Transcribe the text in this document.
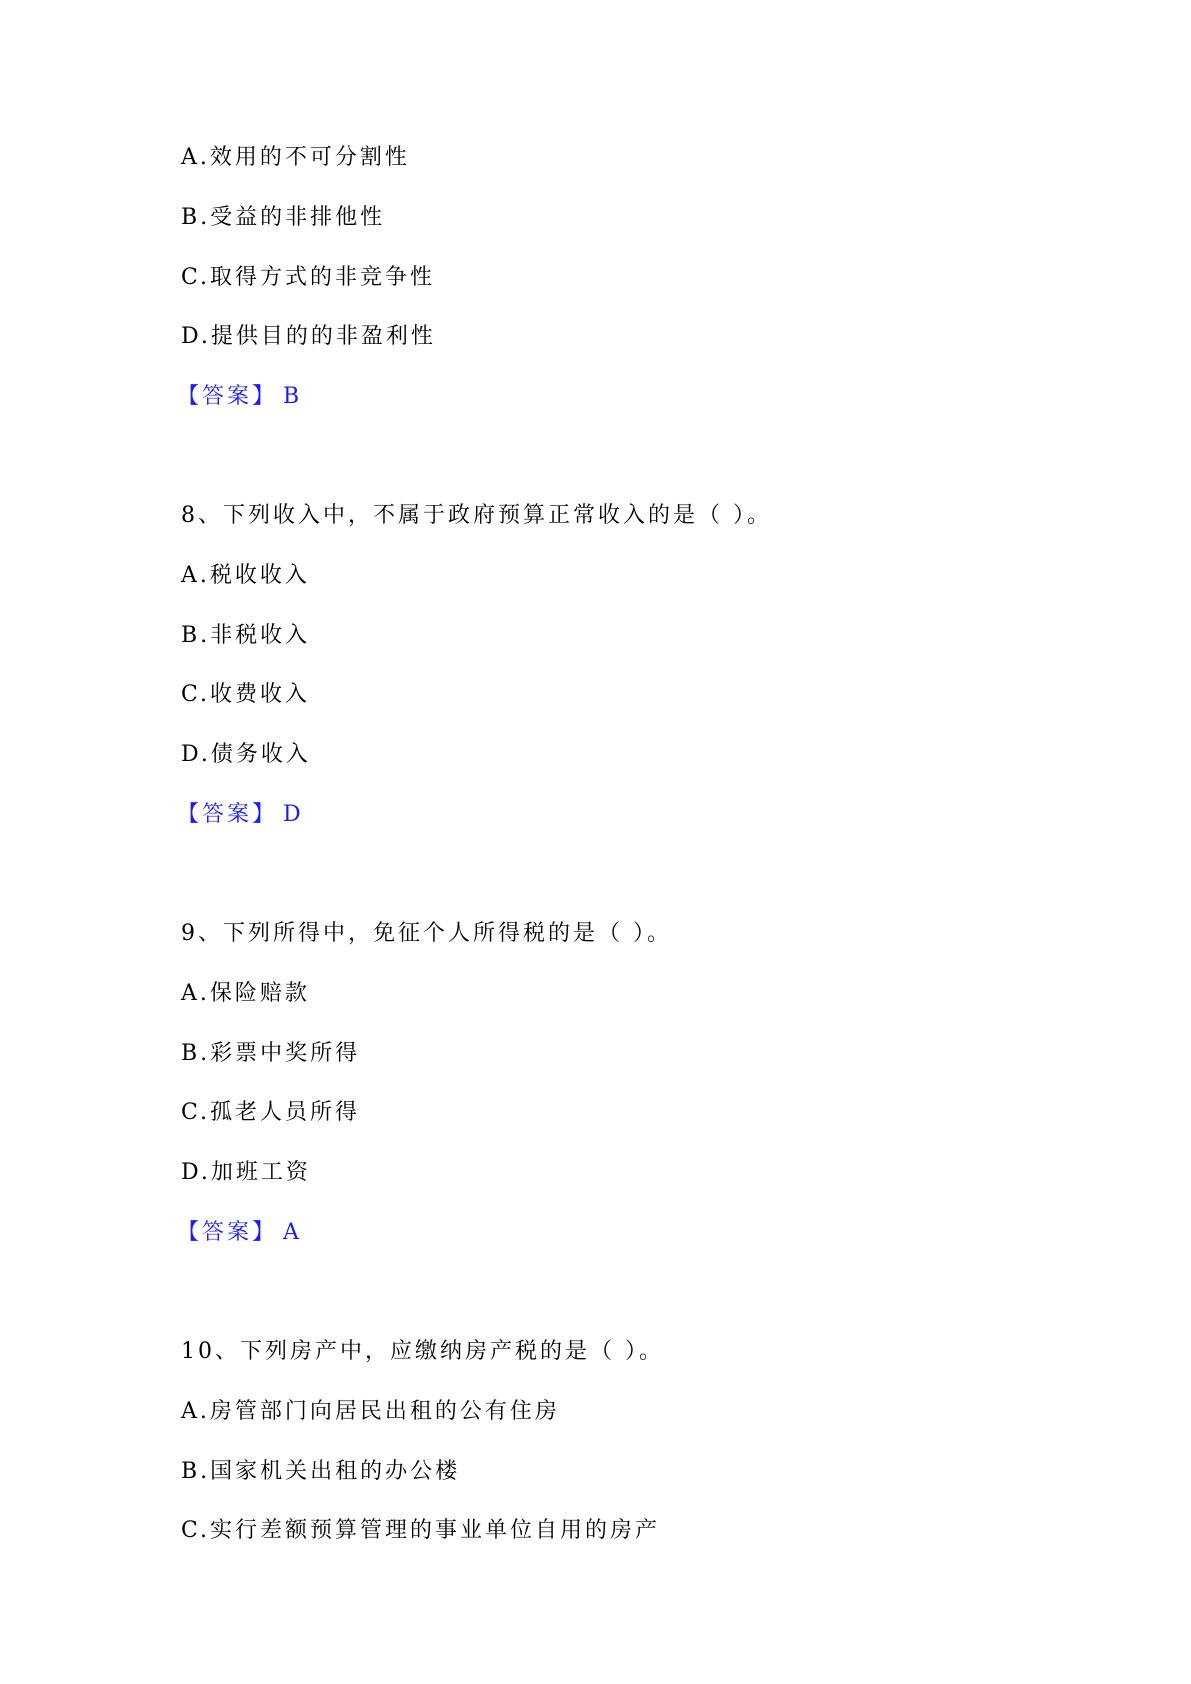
A.效用的不可分割性
B.受益的非排他性
C.取得方式的非竞争性
D.提供目的的非盈利性
【答案】 B
8、下列收入中，不属于政府预算正常收入的是（ ）。
A.税收收入
B.非税收入
C.收费收入
D.债务收入
【答案】 D
9、下列所得中，免征个人所得税的是（ ）。
A.保险赔款
B.彩票中奖所得
C.孤老人员所得
D.加班工资
【答案】 A
10、下列房产中，应缴纳房产税的是（ ）。
A.房管部门向居民出租的公有住房
B.国家机关出租的办公楼
C.实行差额预算管理的事业单位自用的房产
